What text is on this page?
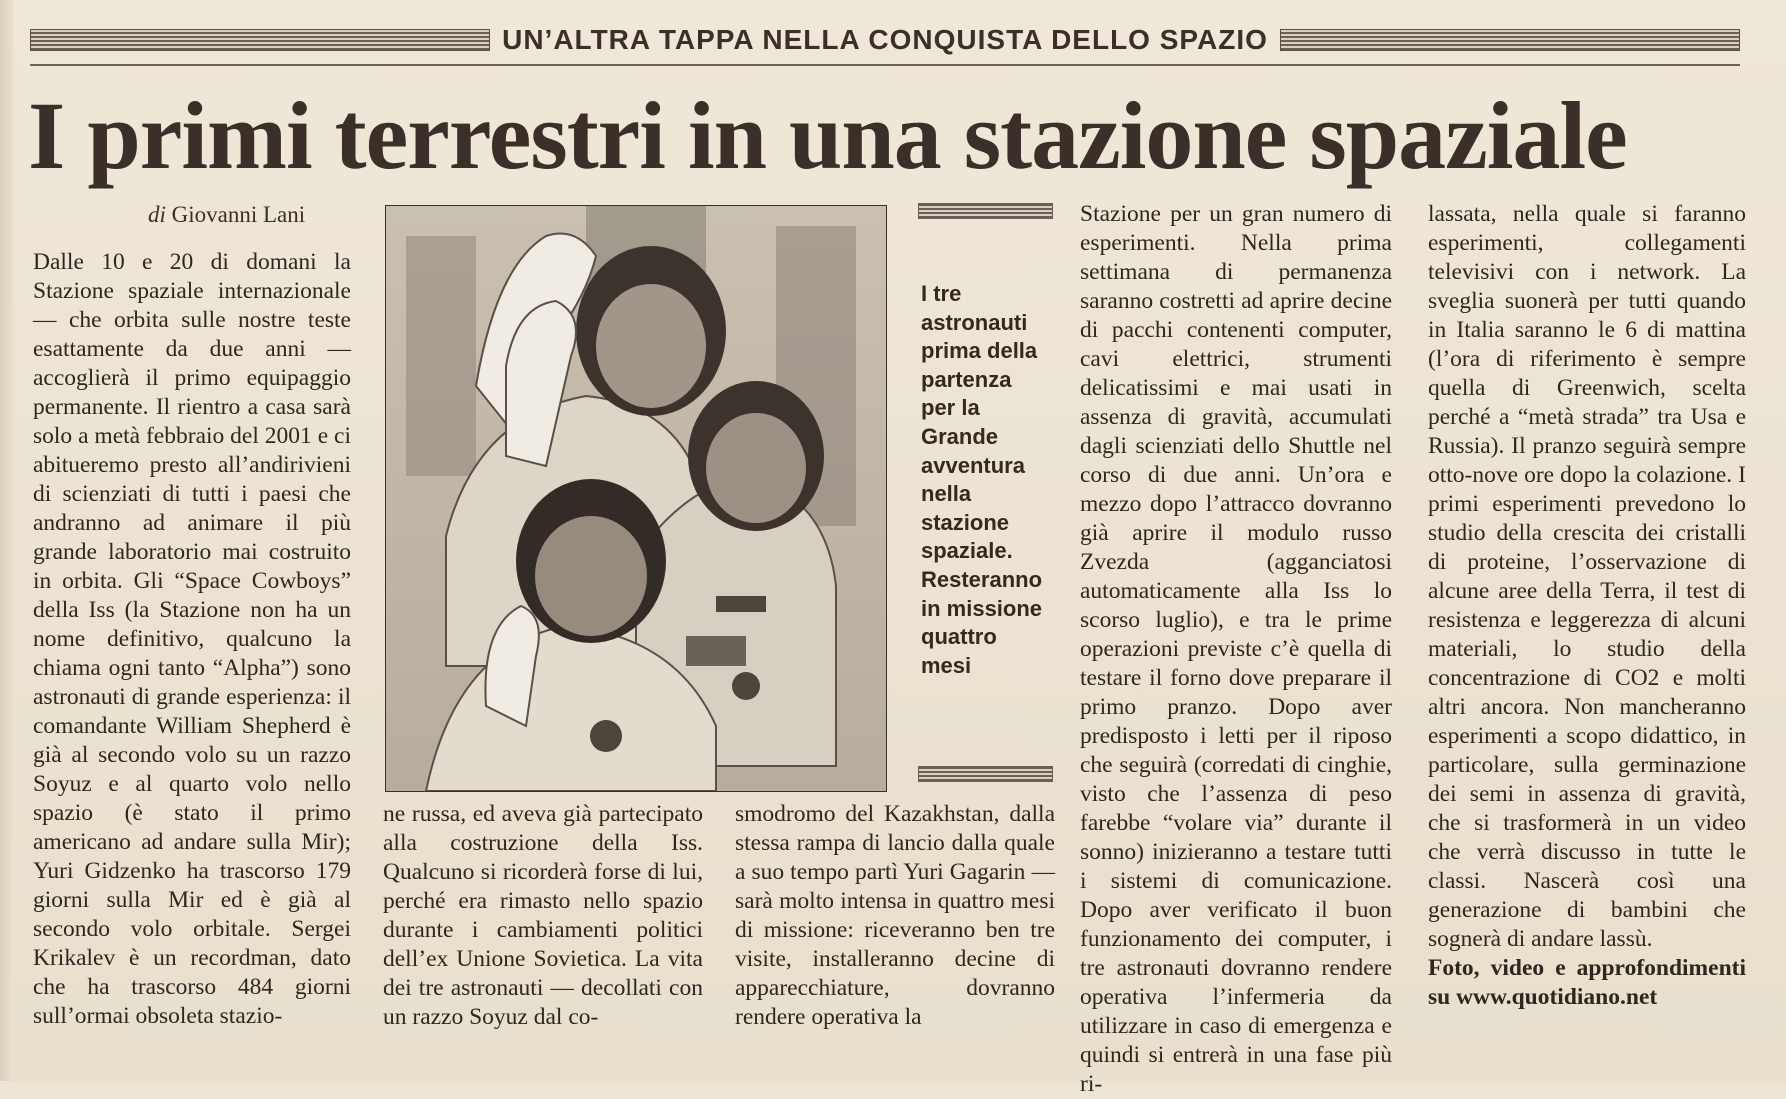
UN’ALTRA TAPPA NELLA CONQUISTA DELLO SPAZIO
I primi terrestri in una stazione spaziale
di Giovanni Lani

Dalle 10 e 20 di domani la Stazione spaziale internazionale — che orbita sulle nostre teste esattamente da due anni — accoglierà il primo equipaggio permanente. Il rientro a casa sarà solo a metà febbraio del 2001 e ci abitueremo presto all’andirivieni di scienziati di tutti i paesi che andranno ad animare il più grande laboratorio mai costruito in orbita. Gli “Space Cowboys” della Iss (la Stazione non ha un nome definitivo, qualcuno la chiama ogni tanto “Alpha”) sono astronauti di grande esperienza: il comandante William Shepherd è già al secondo volo su un razzo Soyuz e al quarto volo nello spazio (è stato il primo americano ad andare sulla Mir); Yuri Gidzenko ha trascorso 179 giorni sulla Mir ed è già al secondo volo orbitale. Sergei Krikalev è un recordman, dato che ha trascorso 484 giorni sull’ormai obsoleta stazio-

I tre astronauti prima della partenza per la Grande avventura nella stazione spaziale. Resteranno in missione quattro mesi

ne russa, ed aveva già partecipato alla costruzione della Iss. Qualcuno si ricorderà forse di lui, perché era rimasto nello spazio durante i cambiamenti politici dell’ex Unione Sovietica. La vita dei tre astronauti — decollati con un razzo Soyuz dal co-

smodromo del Kazakhstan, dalla stessa rampa di lancio dalla quale a suo tempo partì Yuri Gagarin — sarà molto intensa in quattro mesi di missione: riceveranno ben tre visite, installeranno decine di apparecchiature, dovranno rendere operativa la

Stazione per un gran numero di esperimenti. Nella prima settimana di permanenza saranno costretti ad aprire decine di pacchi contenenti computer, cavi elettrici, strumenti delicatissimi e mai usati in assenza di gravità, accumulati dagli scienziati dello Shuttle nel corso di due anni. Un’ora e mezzo dopo l’attracco dovranno già aprire il modulo russo Zvezda (agganciatosi automaticamente alla Iss lo scorso luglio), e tra le prime operazioni previste c’è quella di testare il forno dove preparare il primo pranzo. Dopo aver predisposto i letti per il riposo che seguirà (corredati di cinghie, visto che l’assenza di peso farebbe “volare via” durante il sonno) inizieranno a testare tutti i sistemi di comunicazione. Dopo aver verificato il buon funzionamento dei computer, i tre astronauti dovranno rendere operativa l’infermeria da utilizzare in caso di emergenza e quindi si entrerà in una fase più ri-

lassata, nella quale si faranno esperimenti, collegamenti televisivi con i network. La sveglia suonerà per tutti quando in Italia saranno le 6 di mattina (l’ora di riferimento è sempre quella di Greenwich, scelta perché a “metà strada” tra Usa e Russia). Il pranzo seguirà sempre otto-nove ore dopo la colazione. I primi esperimenti prevedono lo studio della crescita dei cristalli di proteine, l’osservazione di alcune aree della Terra, il test di resistenza e leggerezza di alcuni materiali, lo studio della concentrazione di CO2 e molti altri ancora. Non mancheranno esperimenti a scopo didattico, in particolare, sulla germinazione dei semi in assenza di gravità, che si trasformerà in un video che verrà discusso in tutte le classi. Nascerà così una generazione di bambini che sognerà di andare lassù.

Foto, video e approfondimenti su www.quotidiano.net
